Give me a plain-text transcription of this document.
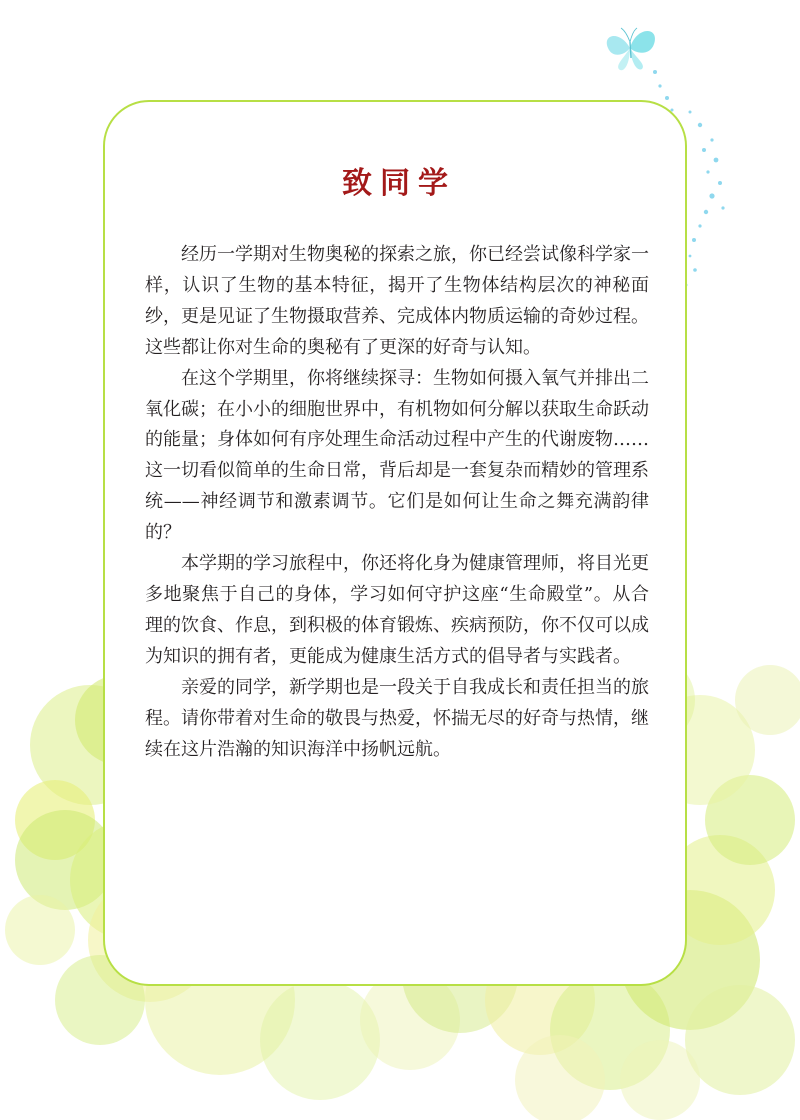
致同学

经历一学期对生物奥秘的探索之旅，你已经尝试像科学家一样，认识了生物的基本特征，揭开了生物体结构层次的神秘面纱，更是见证了生物摄取营养、完成体内物质运输的奇妙过程。这些都让你对生命的奥秘有了更深的好奇与认知。

在这个学期里，你将继续探寻：生物如何摄入氧气并排出二氧化碳；在小小的细胞世界中，有机物如何分解以获取生命跃动的能量；身体如何有序处理生命活动过程中产生的代谢废物……这一切看似简单的生命日常，背后却是一套复杂而精妙的管理系统——神经调节和激素调节。它们是如何让生命之舞充满韵律的？

本学期的学习旅程中，你还将化身为健康管理师，将目光更多地聚焦于自己的身体，学习如何守护这座“生命殿堂”。从合理的饮食、作息，到积极的体育锻炼、疾病预防，你不仅可以成为知识的拥有者，更能成为健康生活方式的倡导者与实践者。

亲爱的同学，新学期也是一段关于自我成长和责任担当的旅程。请你带着对生命的敬畏与热爱，怀揣无尽的好奇与热情，继续在这片浩瀚的知识海洋中扬帆远航。
